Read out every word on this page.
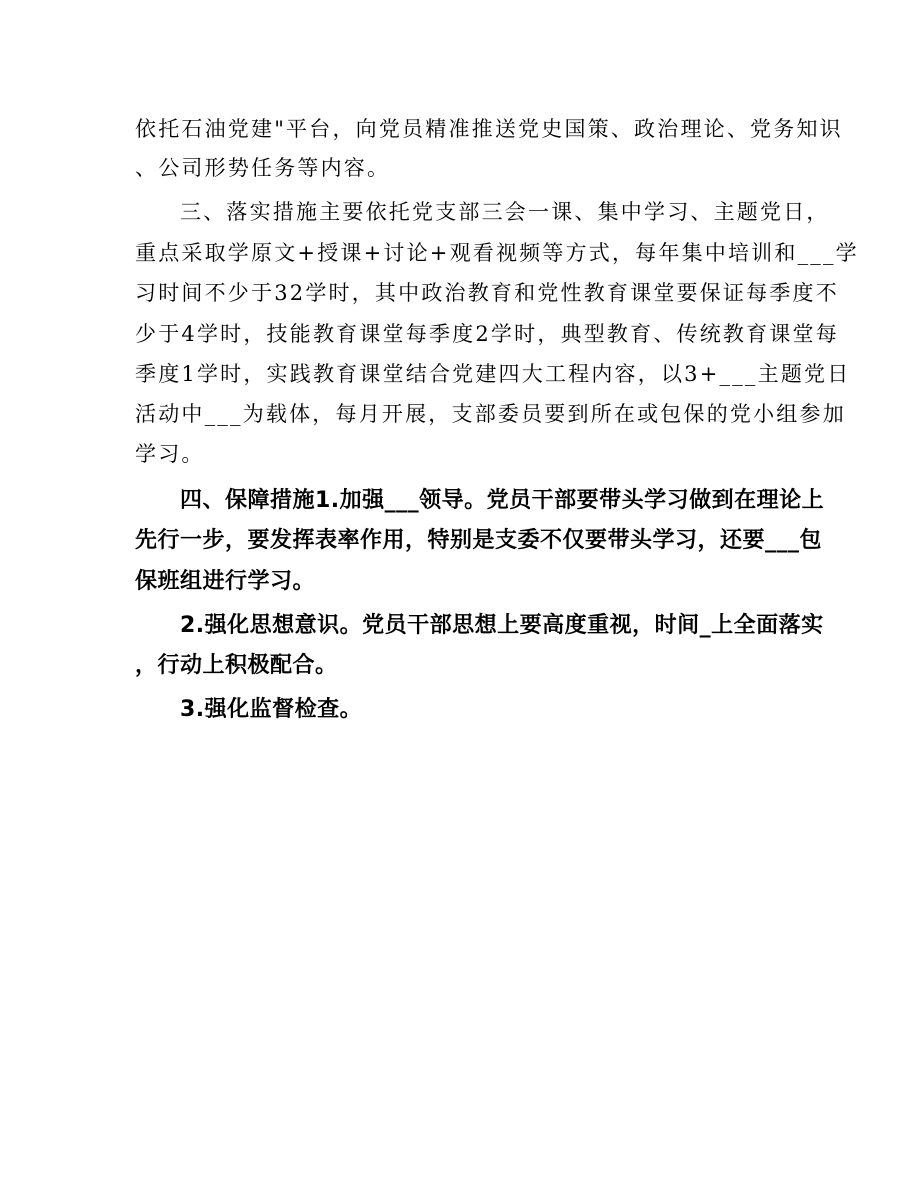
依托石油党建"平台，向党员精准推送党史国策、政治理论、党务知识

、公司形势任务等内容。

三、落实措施主要依托党支部三会一课、集中学习、主题党日，

重点采取学原文+授课+讨论+观看视频等方式，每年集中培训和___学

习时间不少于32学时，其中政治教育和党性教育课堂要保证每季度不

少于4学时，技能教育课堂每季度2学时，典型教育、传统教育课堂每

季度1学时，实践教育课堂结合党建四大工程内容，以3+___主题党日

活动中___为载体，每月开展，支部委员要到所在或包保的党小组参加

学习。

四、保障措施1.加强___领导。党员干部要带头学习做到在理论上

先行一步，要发挥表率作用，特别是支委不仅要带头学习，还要___包

保班组进行学习。

2.强化思想意识。党员干部思想上要高度重视，时间_上全面落实

，行动上积极配合。

3.强化监督检查。
